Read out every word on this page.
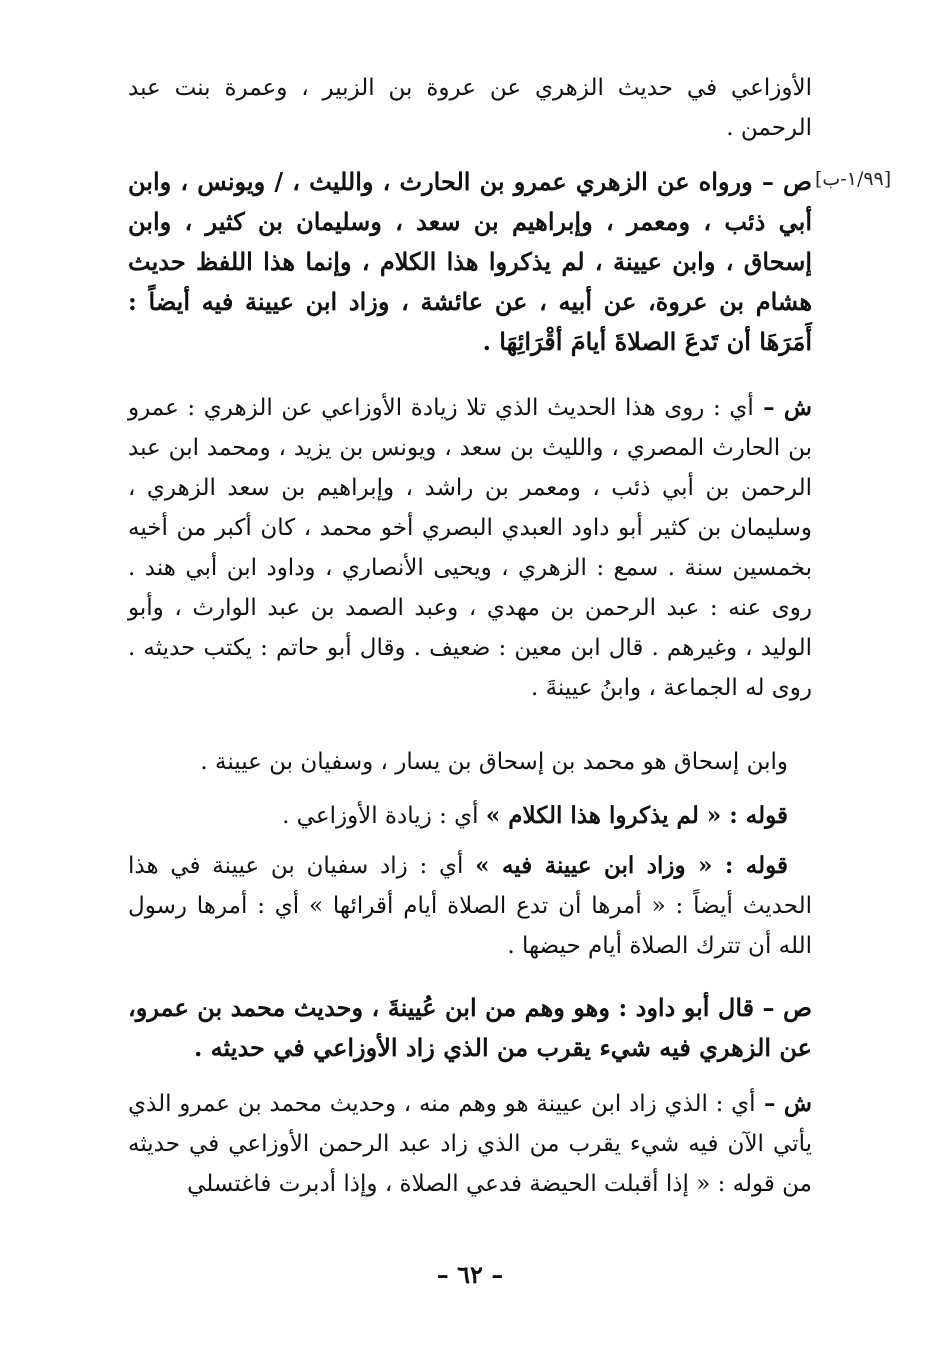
الأوزاعي في حديث الزهري عن عروة بن الزبير ، وعمرة بنت عبد الرحمن .

[١/٩٩-ب]

ص – ورواه عن الزهري عمرو بن الحارث ، والليث ، / ويونس ، وابن أبي ذئب ، ومعمر ، وإبراهيم بن سعد ، وسليمان بن كثير ، وابن إسحاق ، وابن عيينة ، لم يذكروا هذا الكلام ، وإنما هذا اللفظ حديث هشام بن عروة، عن أبيه ، عن عائشة ، وزاد ابن عيينة فيه أيضاً : أَمَرَهَا أن تَدعَ الصلاةَ أيامَ أقْرَائِهَا .

ش – أي : روى هذا الحديث الذي تلا زيادة الأوزاعي عن الزهري : عمرو بن الحارث المصري ، والليث بن سعد ، ويونس بن يزيد ، ومحمد ابن عبد الرحمن بن أبي ذئب ، ومعمر بن راشد ، وإبراهيم بن سعد الزهري ، وسليمان بن كثير أبو داود العبدي البصري أخو محمد ، كان أكبر من أخيه بخمسين سنة . سمع : الزهري ، ويحيى الأنصاري ، وداود ابن أبي هند . روى عنه : عبد الرحمن بن مهدي ، وعبد الصمد بن عبد الوارث ، وأبو الوليد ، وغيرهم . قال ابن معين : ضعيف . وقال أبو حاتم : يكتب حديثه . روى له الجماعة ، وابنُ عيينةَ .

وابن إسحاق هو محمد بن إسحاق بن يسار ، وسفيان بن عيينة .

قوله : « لم يذكروا هذا الكلام » أي : زيادة الأوزاعي .

قوله : « وزاد ابن عيينة فيه » أي : زاد سفيان بن عيينة في هذا الحديث أيضاً : « أمرها أن تدع الصلاة أيام أقرائها » أي : أمرها رسول الله أن تترك الصلاة أيام حيضها .

ص – قال أبو داود : وهو وهم من ابن عُيينةَ ، وحديث محمد بن عمرو، عن الزهري فيه شيء يقرب من الذي زاد الأوزاعي في حديثه .

ش – أي : الذي زاد ابن عيينة هو وهم منه ، وحديث محمد بن عمرو الذي يأتي الآن فيه شيء يقرب من الذي زاد عبد الرحمن الأوزاعي في حديثه من قوله : « إذا أقبلت الحيضة فدعي الصلاة ، وإذا أدبرت فاغتسلي

– ٦٢ –
